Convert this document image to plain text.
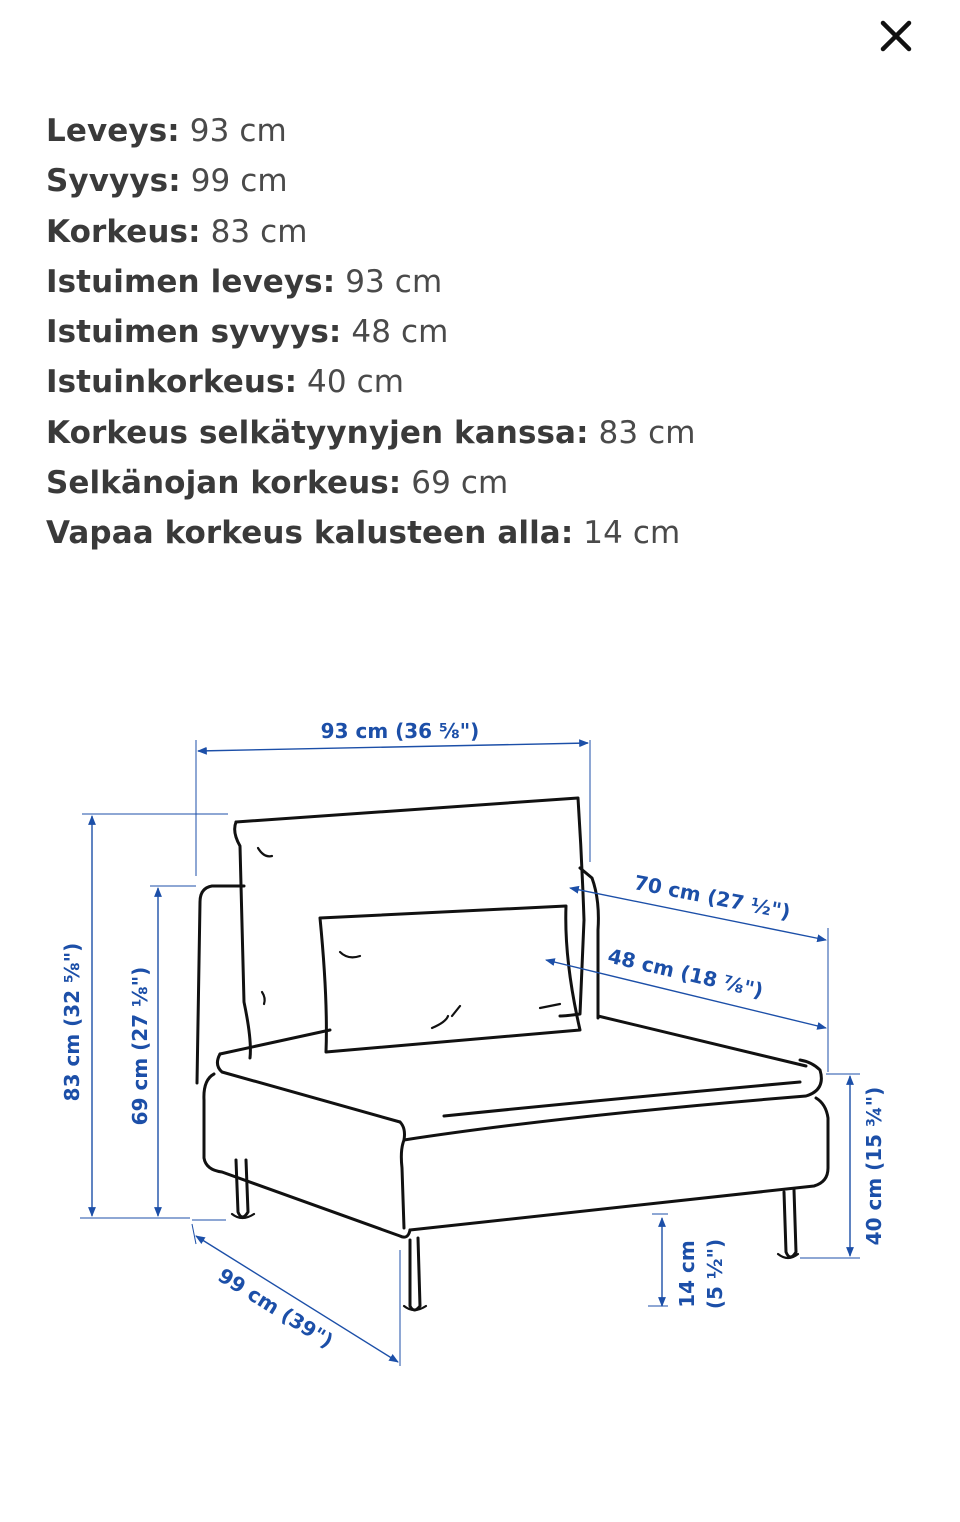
Leveys: 93 cm
Syvyys: 99 cm
Korkeus: 83 cm
Istuimen leveys: 93 cm
Istuimen syvyys: 48 cm
Istuinkorkeus: 40 cm
Korkeus selkätyynyjen kanssa: 83 cm
Selkänojan korkeus: 69 cm
Vapaa korkeus kalusteen alla: 14 cm
93 cm (36 ⅝")
83 cm (32 ⅝") 69 cm (27 ⅛")
99 cm (39")
70 cm (27 ½")
48 cm (18 ⅞")
40 cm (15 ¾")
14 cm (5 ½")
